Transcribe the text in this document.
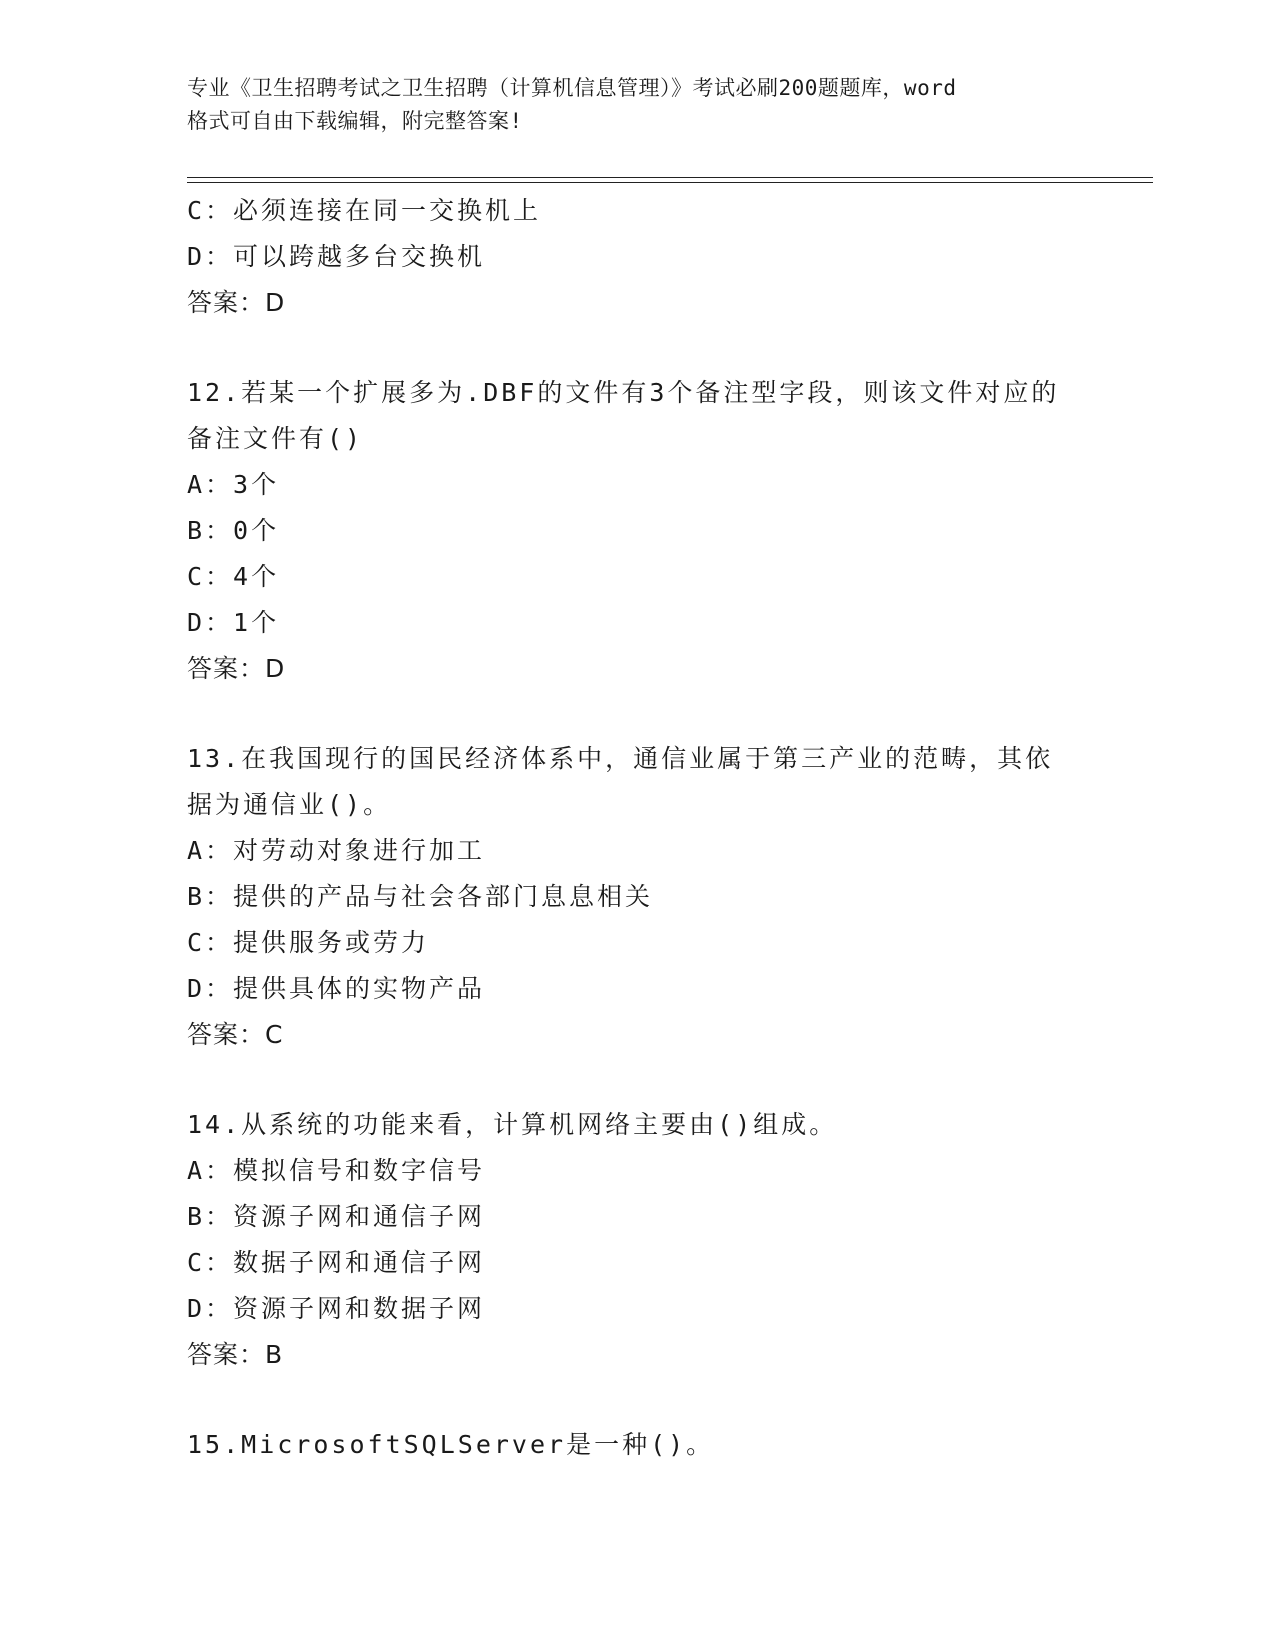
专业《卫生招聘考试之卫生招聘（计算机信息管理）》考试必刷200题题库，word
格式可自由下载编辑，附完整答案!
C：必须连接在同一交换机上
D：可以跨越多台交换机
答案：D
12.若某一个扩展多为.DBF的文件有3个备注型字段，则该文件对应的
备注文件有()
A：3个
B：0个
C：4个
D：1个
答案：D
13.在我国现行的国民经济体系中，通信业属于第三产业的范畴，其依
据为通信业()。
A：对劳动对象进行加工
B：提供的产品与社会各部门息息相关
C：提供服务或劳力
D：提供具体的实物产品
答案：C
14.从系统的功能来看，计算机网络主要由()组成。
A：模拟信号和数字信号
B：资源子网和通信子网
C：数据子网和通信子网
D：资源子网和数据子网
答案：B
15.MicrosoftSQLServer是一种()。
